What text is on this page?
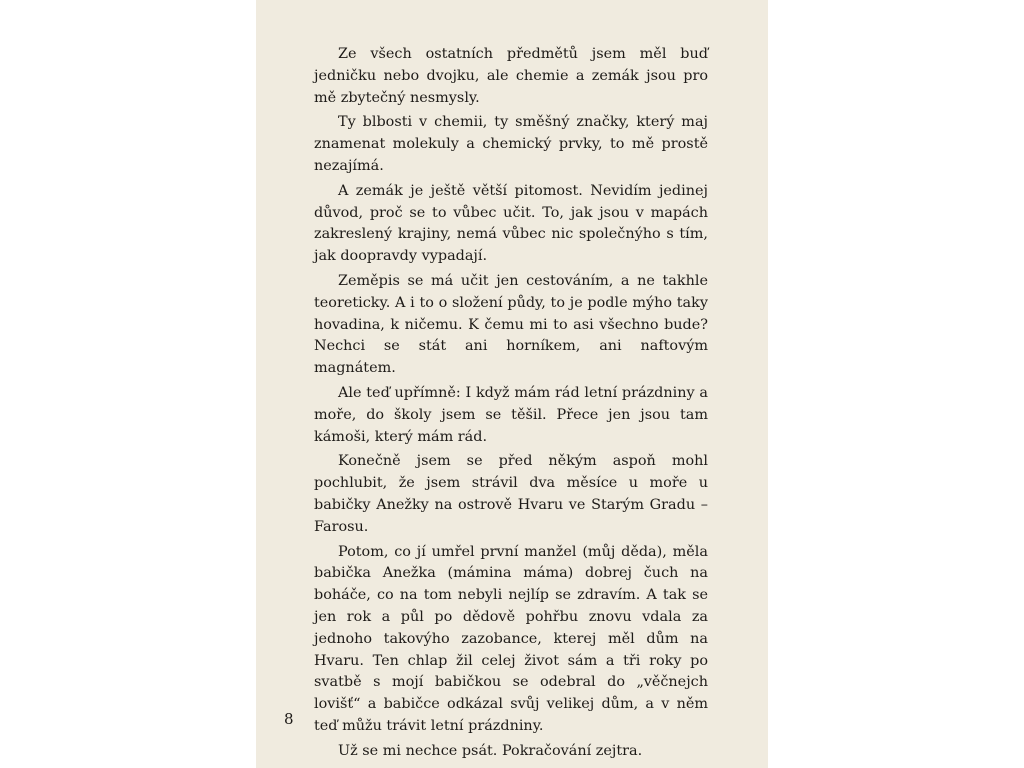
Ze všech ostatních předmětů jsem měl buď jedničku nebo dvojku, ale chemie a zemák jsou pro mě zbytečný nesmysly.

Ty blbosti v chemii, ty směšný značky, který maj znamenat molekuly a chemický prvky, to mě prostě nezajímá.

A zemák je ještě větší pitomost. Nevidím jedinej důvod, proč se to vůbec učit. To, jak jsou v mapách zakreslený krajiny, nemá vůbec nic společnýho s tím, jak doopravdy vypadají.

Zeměpis se má učit jen cestováním, a ne takhle teoreticky. A i to o složení půdy, to je podle mýho taky hovadina, k ničemu. K čemu mi to asi všechno bude? Nechci se stát ani horníkem, ani naftovým magnátem.

Ale teď upřímně: I když mám rád letní prázdniny a moře, do školy jsem se těšil. Přece jen jsou tam kámoši, který mám rád.

Konečně jsem se před někým aspoň mohl pochlubit, že jsem strávil dva měsíce u moře u babičky Anežky na ostrově Hvaru ve Starým Gradu – Farosu.

Potom, co jí umřel první manžel (můj děda), měla babička Anežka (mámina máma) dobrej čuch na boháče, co na tom nebyli nejlíp se zdravím. A tak se jen rok a půl po dědově pohřbu znovu vdala za jednoho takovýho zazobance, kterej měl dům na Hvaru. Ten chlap žil celej život sám a tři roky po svatbě s mojí babičkou se odebral do „věčnejch lovišť“ a babičce odkázal svůj velikej dům, a v něm teď můžu trávit letní prázdniny.

Už se mi nechce psát. Pokračování zejtra.

8
